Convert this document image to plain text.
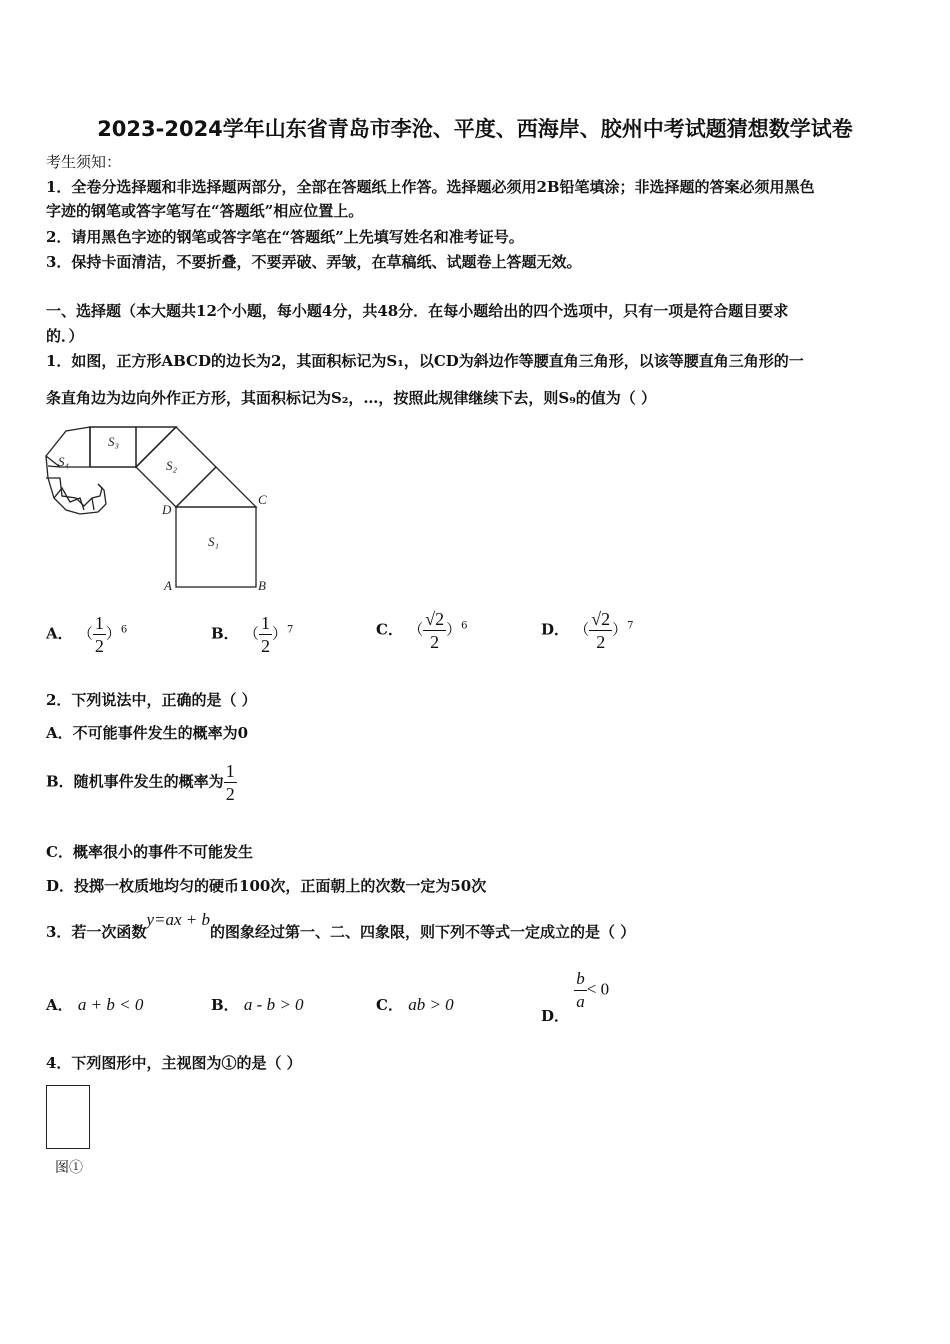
2023-2024学年山东省青岛市李沧、平度、西海岸、胶州中考试题猜想数学试卷
考生须知：
1．全卷分选择题和非选择题两部分，全部在答题纸上作答。选择题必须用2B铅笔填涂；非选择题的答案必须用黑色
字迹的钢笔或答字笔写在“答题纸”相应位置上。
2．请用黑色字迹的钢笔或答字笔在“答题纸”上先填写姓名和准考证号。
3．保持卡面清洁，不要折叠，不要弄破、弄皱，在草稿纸、试题卷上答题无效。
一、选择题（本大题共12个小题，每小题4分，共48分．在每小题给出的四个选项中，只有一项是符合题目要求
的．）
1．如图，正方形ABCD的边长为2，其面积标记为S₁，以CD为斜边作等腰直角三角形，以该等腰直角三角形的一
条直角边为边向外作正方形，其面积标记为S₂，…，按照此规律继续下去，则S₉的值为（ ）
S₁
S₂
S₃
S₄
A	B
C
D
A． （ $\frac{1}{2} )^6$	B． （ $\frac{1}{2} )^7$	C． （ $\frac{√2}{2} )^6$	D． （ $\frac{√2}{2} )^7$
2．下列说法中，正确的是（ ）
A．不可能事件发生的概率为0
B．随机事件发生的概率为 $\frac{1}{2}$
C．概率很小的事件不可能发生
D．投掷一枚质地均匀的硬币100次，正面朝上的次数一定为50次
3．若一次函数y=ax + b的图象经过第一、二、四象限，则下列不等式一定成立的是（ ）
A． a + b < 0	B． a - b > 0	C． ab > 0
D．
$\frac{b}{a} < 0$
4．下列图形中，主视图为①的是（ ）
图①
